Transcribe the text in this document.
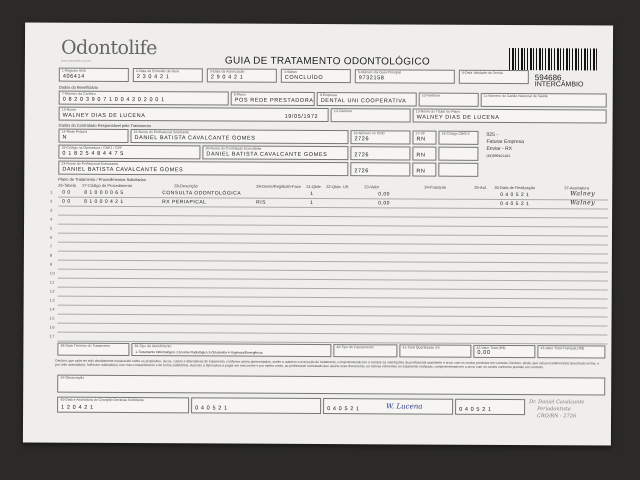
Odontolife
www.odontolife.com.br	GUIA DE TRATAMENTO ODONTOLÓGICO
594686
INTERCÂMBIO
1-Registro ANS
406414
2-Data de Emissão da Guia
2 3 0 4 2 1
3-Data da Autorização
2 9 0 4 2 1
4-Status
CONCLUÍDO
5-Número da Guia Principal
9732158
6-Data Validade da Senha
Dados do Beneficiário
7-Número da Carteira
0 8 2 0 3 9 0 7 1 0 0 4 2 0 2 0 0 1
8-Plano
POS REDE PRESTADORA
9-Empresa
DENTAL UNI COOPERATIVA
10-Telefone	11-Número do Cartão Nacional de Saúde
12-Nome
WALNEY DIAS DE LUCENA	19/05/1972
10-Telefone	13-Nome do Titular do Plano
WALNEY DIAS DE LUCENA
Dados do Contratado Responsável pelo Tratamento
14-Rede Própria
N
15-Nome do Profissional Solicitante
DANIEL BATISTA CAVALCANTE GOMES
16-Número no CRO
2726
17-UF
RN
18-Código CBO-S	025 -
Faturar Empresa
Enviar - RX
(84)999401464
19-Código na Operadora / CNPJ / CPF
0 1 8 2 5 4 8 4 4 7 5
20-Nome do Contratado Executante
DANIEL BATISTA CAVALCANTE GOMES	2726	RN
23-Nome do Profissional Executante
DANIEL BATISTA CAVALCANTE GOMES	2726	RN
Plano de Tratamento / Procedimentos Solicitados
26-Tabela 27-Código do Procedimento	28-Descrição	29-Dente/Região 30-Face 31-Qtde. 32-Qtde. US	33-Valor	34-Franquia	35-Aut. 36-Data de Realização	37-Assinatura
1 0 0	8 1 0 0 0 0 6 5	CONSULTA ODONTOLÓGICA	1	0,00	0 4 0 5 2 1	Walney
2 0 0	8 1 0 0 0 4 2 1	RX PERIAPICAL	RIS	1	0,00	0 4 0 5 2 1	Walney
3
4
5
6
7
8
9
10
11
12
13
14
15
16
17
38-Data Término do Tratamento	39-Tipo de Atendimento
1-Tratamento Odontológico 2-Exame Radiológico 3-Ortodontia 4-Urgência/Emergência
40-Tipo de Faturamento	41-Total Quantidade US	42-Valor Total (R$)
0,00
43-Valor Total Franquia (R$)
Declaro, que após ter sido devidamente esclarecido sobre os propósitos, riscos, custos e alternativas de tratamento, conforme acima apresentados, aceito e autorizo a execução do tratamento, comprometendo-me a cumprir as orientações do profissional assistente e arcar com os custos previstos em contrato. Declaro, ainda, que o(s) procedimento(s) descrito(s) acima, e por mim assinado(s), foi/foram realizado(s) com meu consentimento e de forma satisfatória. Autorizo a Operadora a pagar em meu nome e por minha conta, ao profissional contratado que assina esse documento, os valores referentes ao tratamento realizado, comprometendo-me a arcar com os custos conforme previsto em contrato.
44-Observação
45-Data e Assinatura do Cirurgião-Dentista Solicitante
1 2 0 4 2 1	0 4 0 5 2 1	0 4 0 5 2 1	W. Lucena	0 4 0 5 2 1
Dr. Daniel Cavalcante
Periodontista
CRO/RN - 2726
